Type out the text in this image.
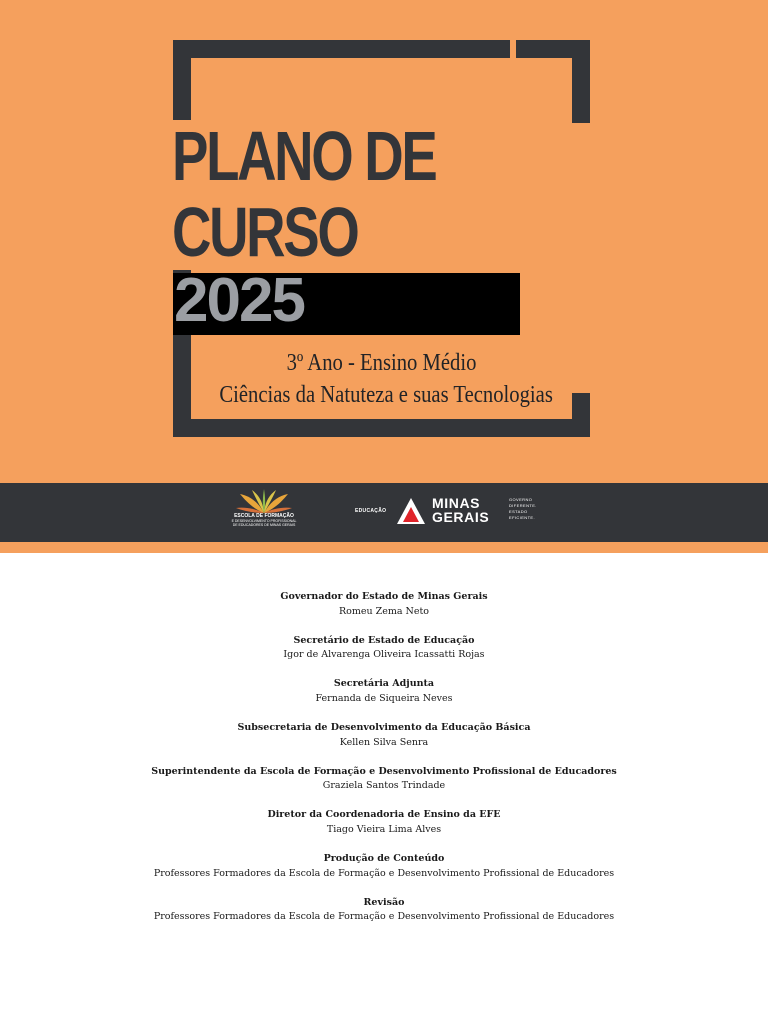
PLANO DE
CURSO
2025
3º Ano - Ensino Médio
Ciências da Natuteza e suas Tecnologias
ESCOLA DE FORMAÇÃO
E DESENVOLVIMENTO PROFISSIONAL
DE EDUCADORES DE MINAS GERAIS
EDUCAÇÃO	MINAS
GERAIS
GOVERNO
DIFERENTE.
ESTADO
EFICIENTE.
Governador do Estado de Minas Gerais
Romeu Zema Neto
Secretário de Estado de Educação
Igor de Alvarenga Oliveira Icassatti Rojas
Secretária Adjunta
Fernanda de Siqueira Neves
Subsecretaria de Desenvolvimento da Educação Básica
Kellen Silva Senra
Superintendente da Escola de Formação e Desenvolvimento Profissional de Educadores
Graziela Santos Trindade
Diretor da Coordenadoria de Ensino da EFE
Tiago Vieira Lima Alves
Produção de Conteúdo
Professores Formadores da Escola de Formação e Desenvolvimento Profissional de Educadores
Revisão
Professores Formadores da Escola de Formação e Desenvolvimento Profissional de Educadores
